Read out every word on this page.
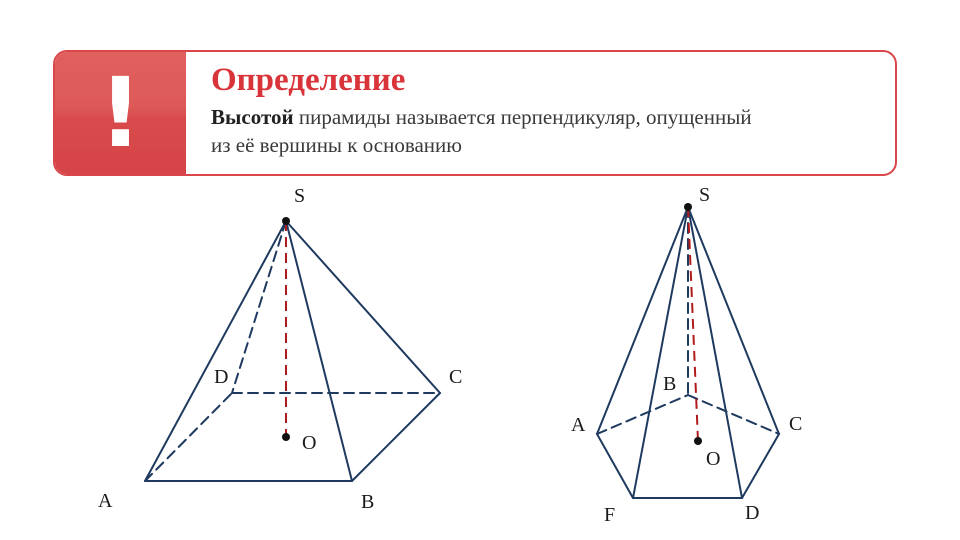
!	Определение
Высотой пирамиды называется перпендикуляр, опущенный
из её вершины к основанию
S
A	B
C
D
O
S
A
B
C
D
F
O
